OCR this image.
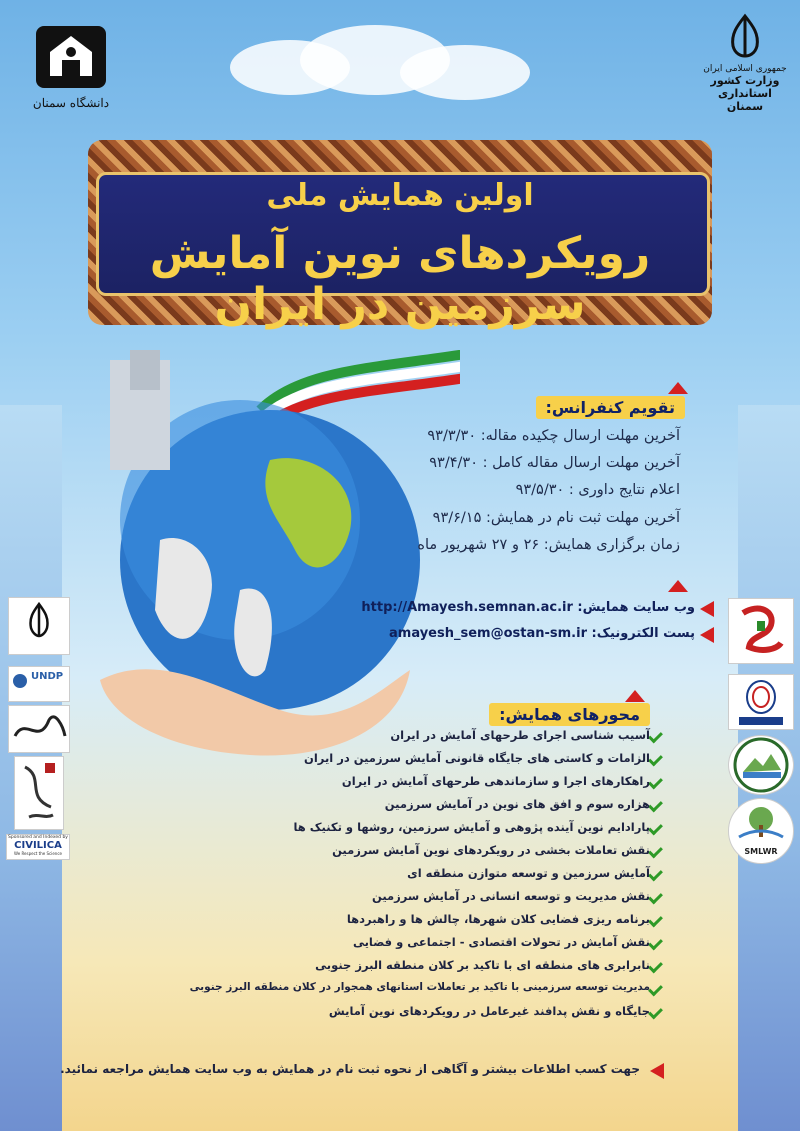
دانشگاه سمنان
جمهوری اسلامی ایران
وزارت کشور
استانداری سمنان
اولین همایش ملی
رویکردهای نوین آمایش سرزمین در ایران
تقویم کنفرانس:
آخرین مهلت ارسال چکیده مقاله: ۹۳/۳/۳۰
آخرین مهلت ارسال مقاله کامل : ۹۳/۴/۳۰
اعلام نتایج داوری : ۹۳/۵/۳۰
آخرین مهلت ثبت نام در همایش: ۹۳/۶/۱۵
زمان برگزاری همایش: ۲۶ و ۲۷ شهریور ماه
وب سایت همایش: http://Amayesh.semnan.ac.ir
پست الکترونیک: amayesh_sem@ostan-sm.ir
محورهای همایش:
آسیب شناسی اجرای طرحهای آمایش در ایران
الزامات و کاستی های جایگاه قانونی آمایش سرزمین در ایران
راهکارهای اجرا و سازماندهی طرحهای آمایش در ایران
هزاره سوم و افق های نوین در آمایش سرزمین
پارادایم نوین آینده پژوهی و آمایش سرزمین، روشها و تکنیک ها
نقش تعاملات بخشی در رویکردهای نوین آمایش سرزمین
آمایش سرزمین و توسعه متوازن منطقه ای
نقش مدیریت و توسعه انسانی در آمایش سرزمین
برنامه ریزی فضایی کلان شهرها، چالش ها و راهبردها
نقش آمایش در تحولات اقتصادی - اجتماعی و فضایی
نابرابری های منطقه ای با تاکید بر کلان منطقه البرز جنوبی
مدیریت توسعه سرزمینی با تاکید بر تعاملات استانهای همجوار در کلان منطقه البرز جنوبی
جایگاه و نقش پدافند غیرعامل در رویکردهای نوین آمایش
جهت کسب اطلاعات بیشتر و آگاهی از نحوه ثبت نام در همایش به وب سایت همایش مراجعه نمائید.
UNDP
Sponsored and Indexed by
CIVILICA
We Respect the Science	SMLWR
